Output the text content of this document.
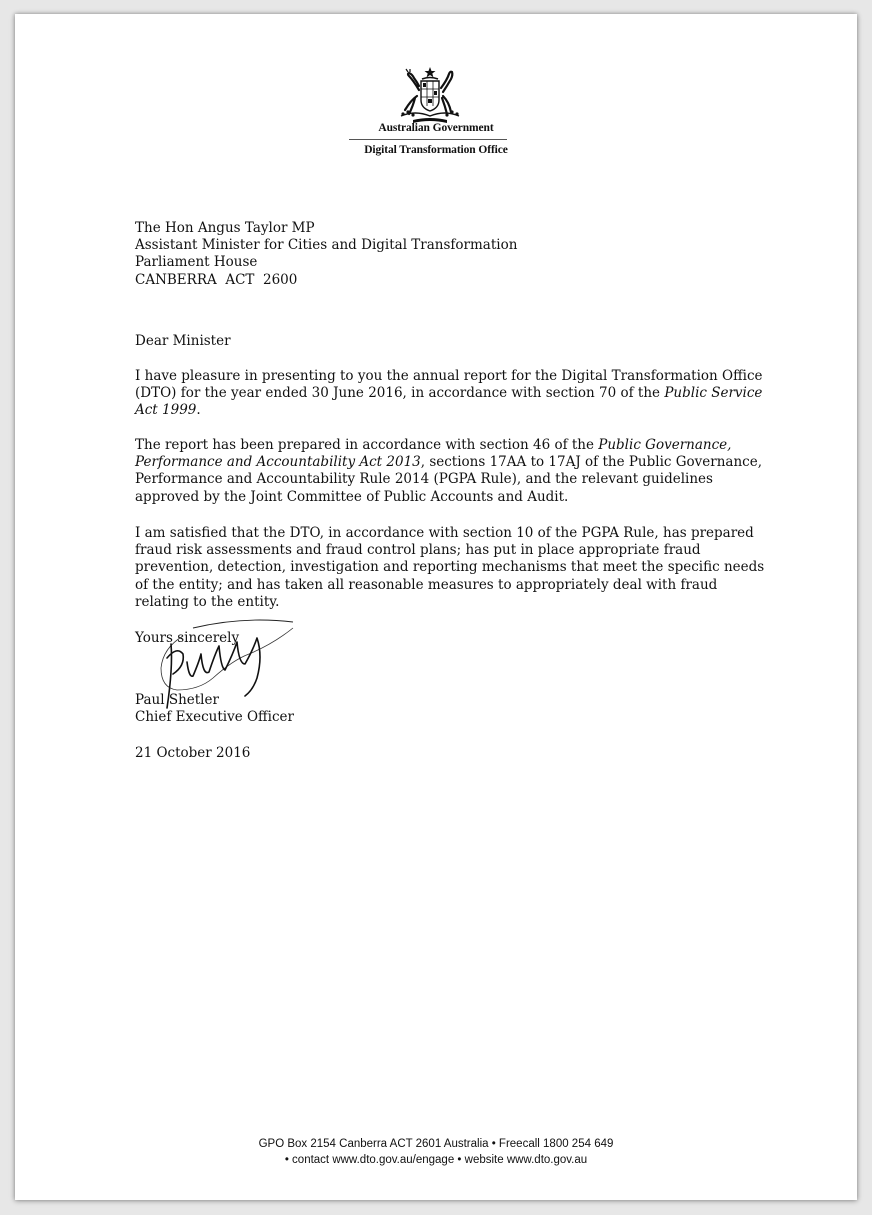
Australian Government
Digital Transformation Office

The Hon Angus Taylor MP

Assistant Minister for Cities and Digital Transformation

Parliament House

CANBERRA  ACT  2600

Dear Minister

I have pleasure in presenting to you the annual report for the Digital Transformation Office (DTO) for the year ended 30 June 2016, in accordance with section 70 of the Public Service Act 1999.

The report has been prepared in accordance with section 46 of the Public Governance, Performance and Accountability Act 2013, sections 17AA to 17AJ of the Public Governance, Performance and Accountability Rule 2014 (PGPA Rule), and the relevant guidelines approved by the Joint Committee of Public Accounts and Audit.

I am satisfied that the DTO, in accordance with section 10 of the PGPA Rule, has prepared fraud risk assessments and fraud control plans; has put in place appropriate fraud prevention, detection, investigation and reporting mechanisms that meet the specific needs of the entity; and has taken all reasonable measures to appropriately deal with fraud relating to the entity.

Yours sincerely

Paul Shetler

Chief Executive Officer

21 October 2016

GPO Box 2154 Canberra ACT 2601 Australia • Freecall 1800 254 649

• contact www.dto.gov.au/engage • website www.dto.gov.au
